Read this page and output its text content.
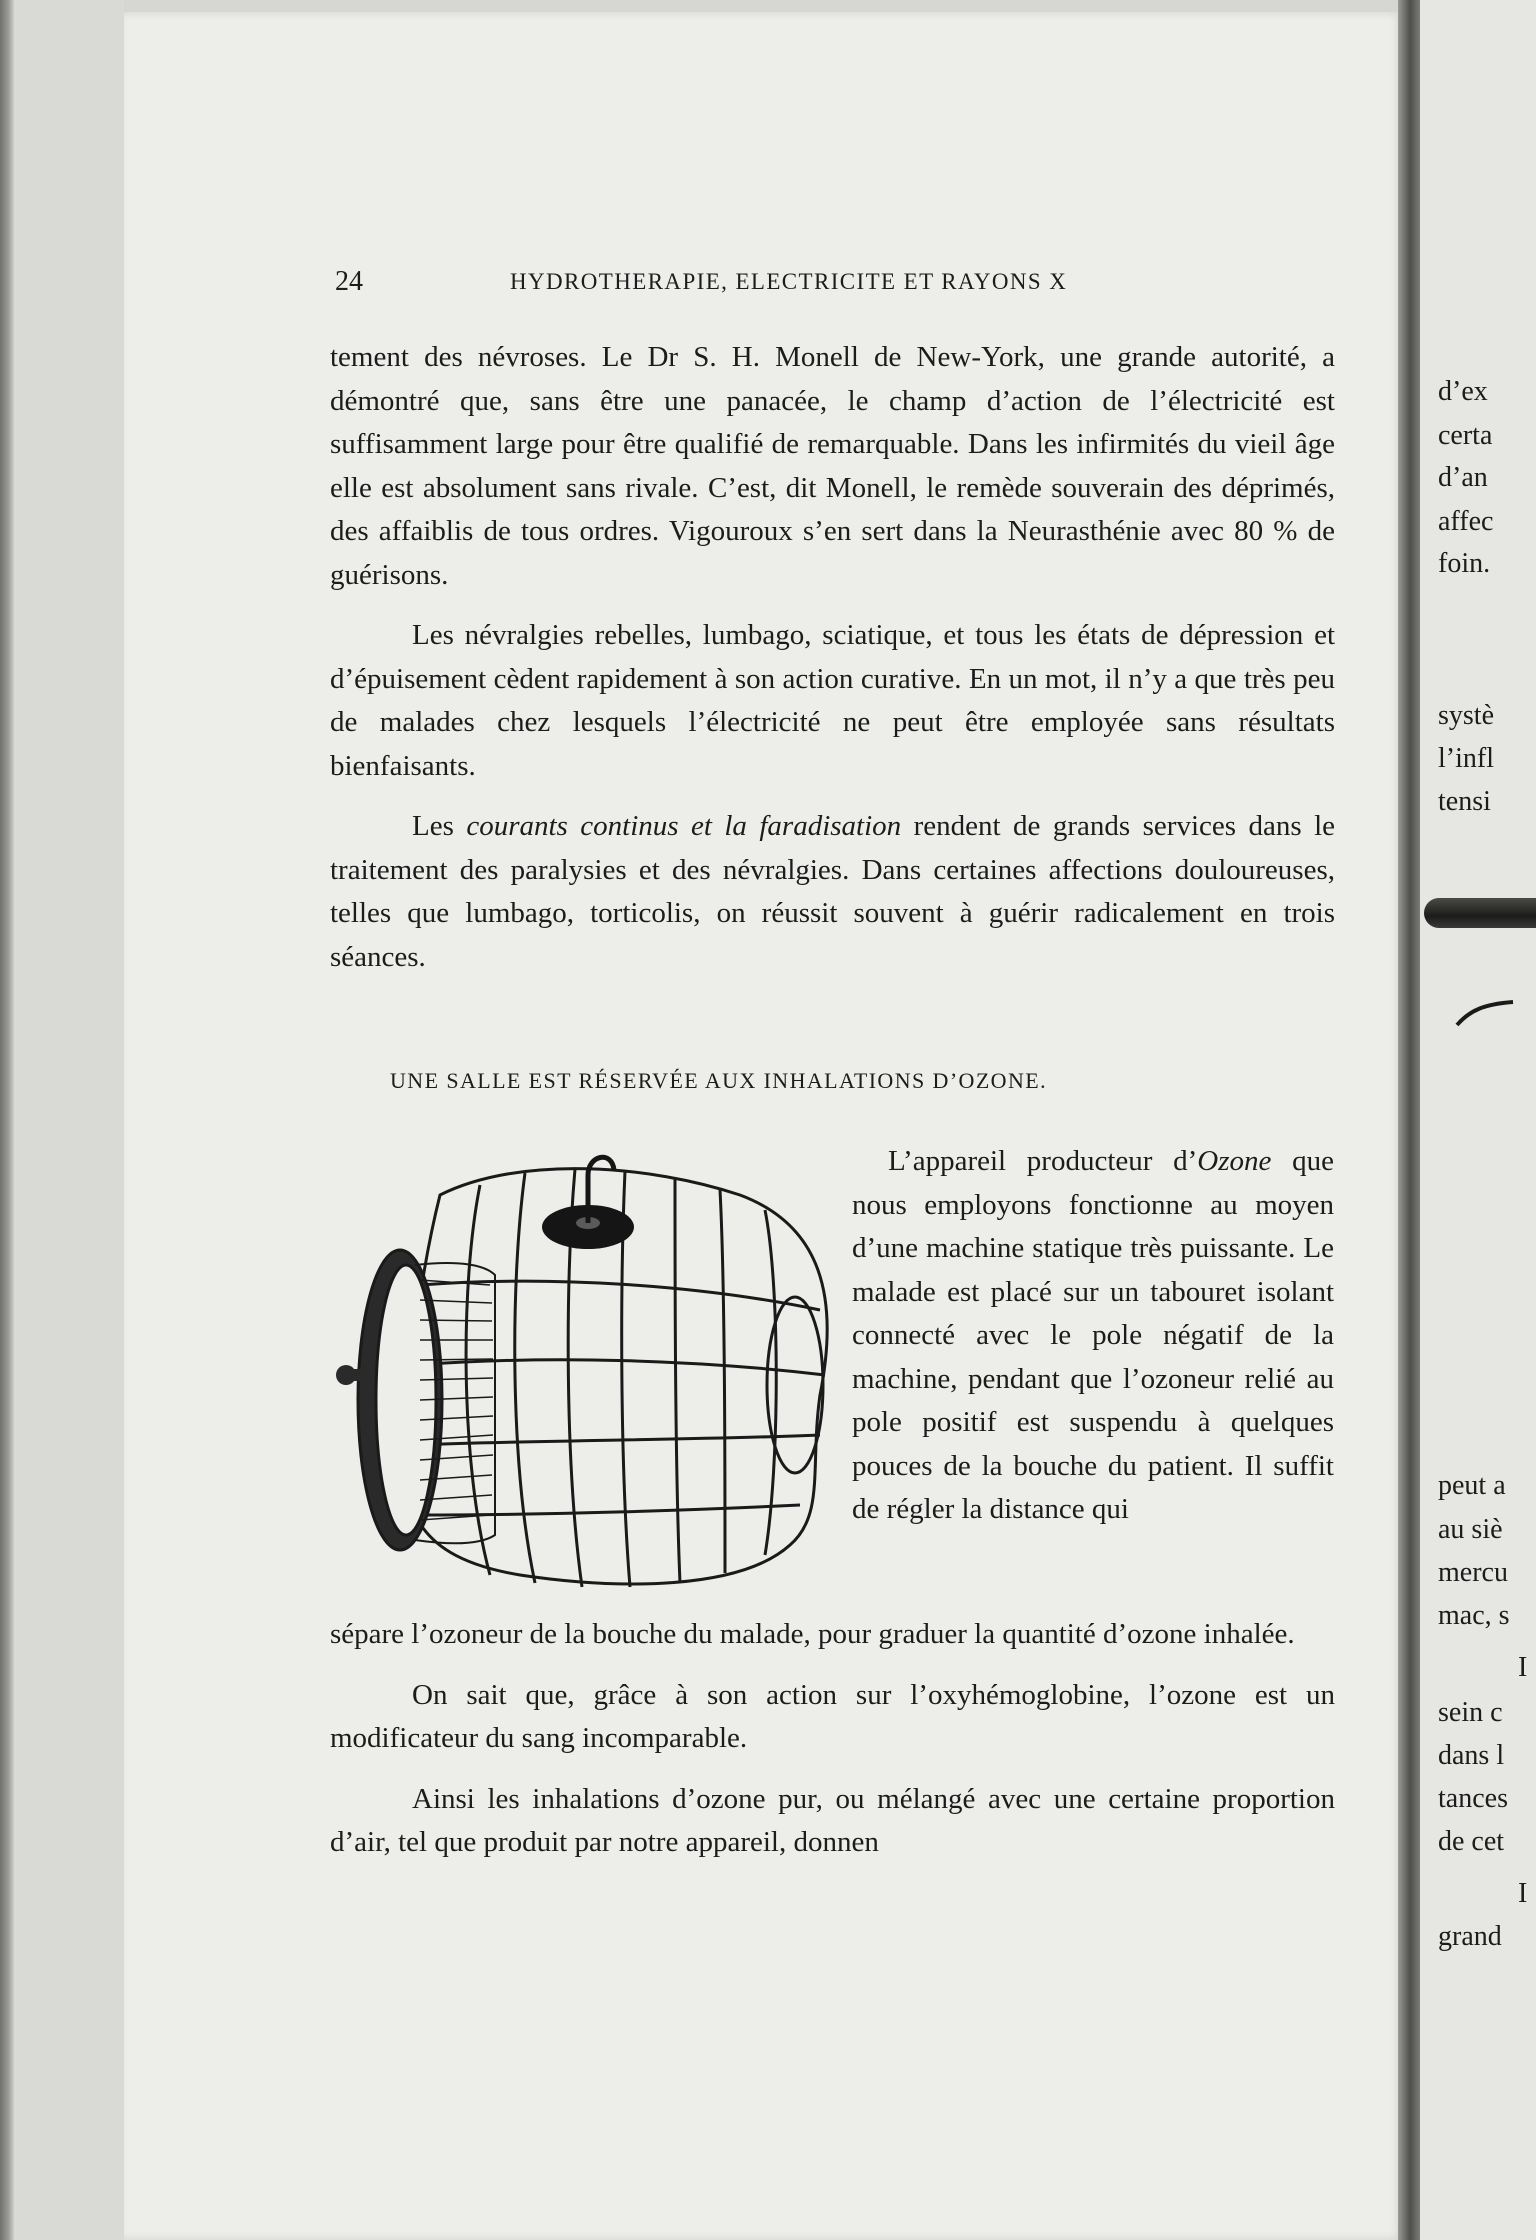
24	HYDROTHERAPIE, ELECTRICITE ET RAYONS X

tement des névroses. Le Dr S. H. Monell de New-York, une grande autorité, a démontré que, sans être une panacée, le champ d’action de l’électricité est suffisamment large pour être qualifié de remarquable. Dans les infirmités du vieil âge elle est absolument sans rivale. C’est, dit Monell, le remède souverain des déprimés, des affaiblis de tous ordres. Vigouroux s’en sert dans la Neurasthénie avec 80 % de guérisons.

Les névralgies rebelles, lumbago, sciatique, et tous les états de dépression et d’épuisement cèdent rapidement à son action curative. En un mot, il n’y a que très peu de malades chez lesquels l’électricité ne peut être employée sans résultats bienfaisants.

Les courants continus et la faradisation rendent de grands services dans le traitement des paralysies et des névralgies. Dans certaines affections douloureuses, telles que lumbago, torticolis, on réussit souvent à guérir radicalement en trois séances.

UNE SALLE EST RÉSERVÉE AUX INHALATIONS D’OZONE.

L’appareil producteur d’Ozone que nous employons fonctionne au moyen d’une machine statique très puissante. Le malade est placé sur un tabouret isolant connecté avec le pole négatif de la machine, pendant que l’ozoneur relié au pole positif est suspendu à quelques pouces de la bouche du patient. Il suffit de régler la distance qui

sépare l’ozoneur de la bouche du malade, pour graduer la quantité d’ozone inhalée.

On sait que, grâce à son action sur l’oxyhémoglobine, l’ozone est un modificateur du sang incomparable.

Ainsi les inhalations d’ozone pur, ou mélangé avec une certaine proportion d’air, tel que produit par notre appareil, donnen

d’ex
certa
d’an
affec
foin.
systè
l’infl
tensi
peut a
au siè
mercu
mac, s
I
sein c
dans l
tances
de cet
I
grand
